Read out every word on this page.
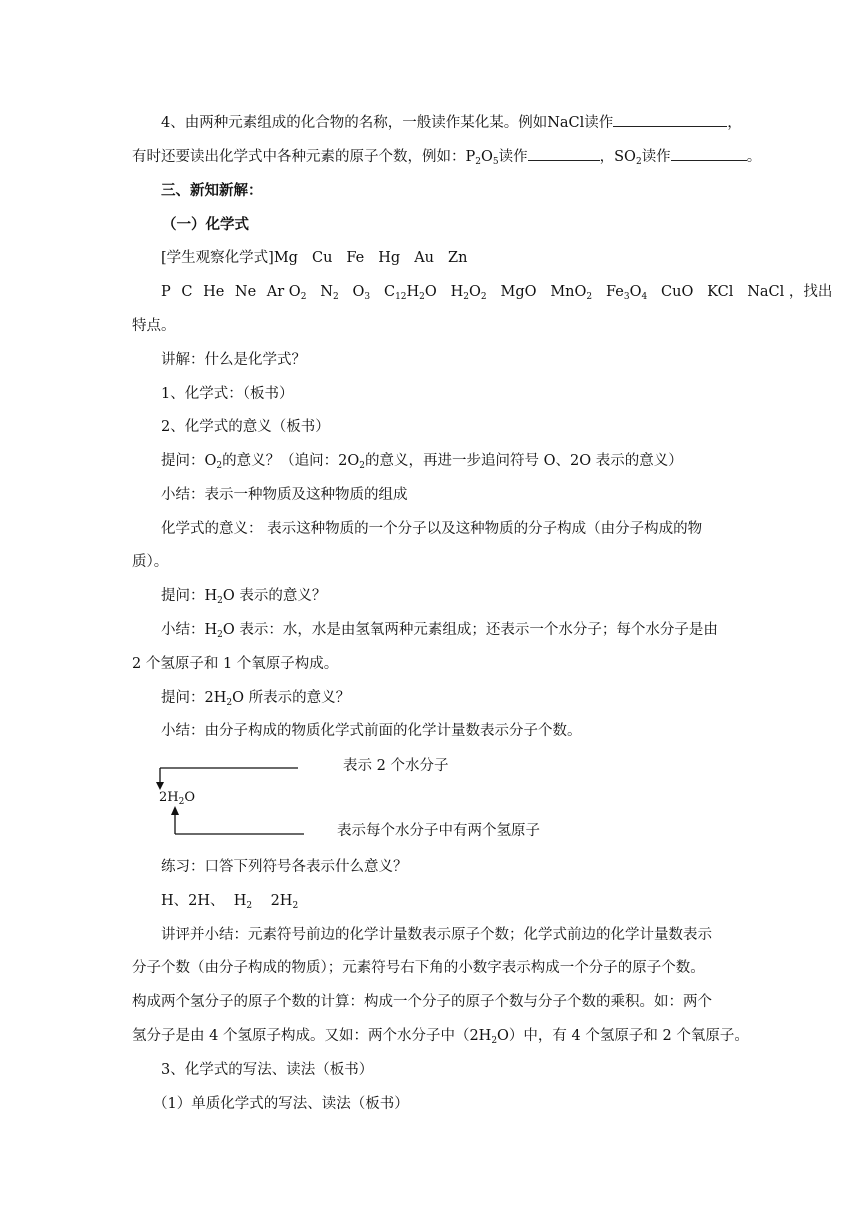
4、由两种元素组成的化合物的名称，一般读作某化某。例如NaCl读作	，
有时还要读出化学式中各种元素的原子个数，例如：$P_2O_5$读作	，$SO_2$读作	。
三、新知新解：
（一）化学式
[学生观察化学式]Mg Cu Fe Hg Au Zn
P C He Ne Ar $O_2$ $N_2$ $O_3$ $C_{12}H_2O$ $H_2O_2$ MgO MnO$_2$ $Fe_3O_4$ CuO KCl NaCl ，找出
特点。
讲解：什么是化学式？
1、化学式：（板书）
2、化学式的意义（板书）
提问：$O_2$的意义？（追问：$2O_2$的意义，再进一步追问符号 O、2O 表示的意义）
小结：表示一种物质及这种物质的组成
化学式的意义： 表示这种物质的一个分子以及这种物质的分子构成（由分子构成的物
质）。
提问：$H_2O$ 表示的意义？
小结：$H_2O$ 表示：水，水是由氢氧两种元素组成；还表示一个水分子；每个水分子是由
2 个氢原子和 1 个氧原子构成。
提问：$2H_2O$ 所表示的意义？
小结：由分子构成的物质化学式前面的化学计量数表示分子个数。
表示 2 个水分子
$2H_2O$
表示每个水分子中有两个氢原子
练习：口答下列符号各表示什么意义？
H、2H、 $H_2$ $2H_2$
讲评并小结：元素符号前边的化学计量数表示原子个数；化学式前边的化学计量数表示
分子个数（由分子构成的物质）；元素符号右下角的小数字表示构成一个分子的原子个数。
构成两个氢分子的原子个数的计算：构成一个分子的原子个数与分子个数的乘积。如：两个
氢分子是由 4 个氢原子构成。又如：两个水分子中$(2H_2O)$中，有 4 个氢原子和 2 个氧原子。
3、化学式的写法、读法（板书）
（1）单质化学式的写法、读法（板书）
